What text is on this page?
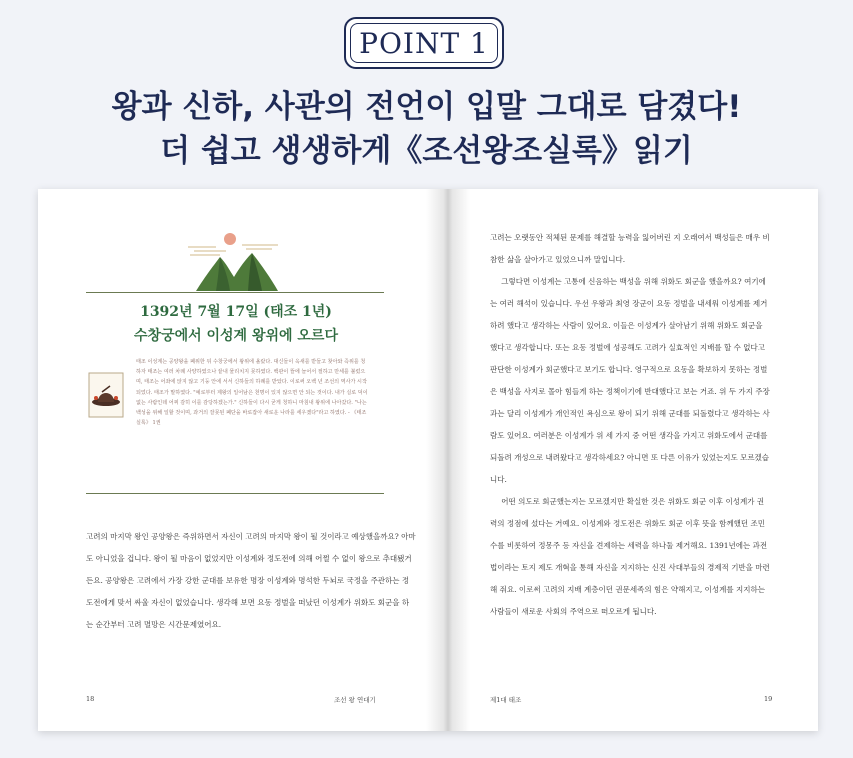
POINT 1
왕과 신하, 사관의 전언이 입말 그대로 담겼다!
더 쉽고 생생하게《조선왕조실록》읽기
1392년 7월 17일 (태조 1년)
수창궁에서 이성계 왕위에 오르다
태조 이성계는 공양왕을 폐위한 뒤 수창궁에서 왕위에 올랐다. 대신들이 옥새를 받들고 찾아와 즉위를 청하자 태조는 여러 차례 사양하였으나 끝내 물리치지 못하였다. 백관이 뜰에 늘어서 절하고 만세를 불렀으며, 태조는 어좌에 앉지 않고 기둥 안에 서서 신하들의 하례를 받았다. 이로써 오백 년 조선의 역사가 시작되었다. 태조가 말하였다. "예로부터 제왕의 일어남은 천명이 있지 않으면 안 되는 것이다. 내가 실로 덕이 없는 사람인데 어찌 감히 이를 감당하겠는가." 신하들이 다시 굳게 청하니 마침내 왕위에 나아갔다. "나는 백성을 위해 일할 것이며, 과거의 잘못된 폐단을 바로잡아 새로운 나라를 세우겠다"라고 하였다. - 《태조실록》 1권
고려의 마지막 왕인 공양왕은 즉위하면서 자신이 고려의 마지막 왕이 될 것이라고 예상했을까요? 아마도 아니었을 겁니다. 왕이 될 마음이 없었지만 이성계와 정도전에 의해 어쩔 수 없이 왕으로 추대됐거든요. 공양왕은 고려에서 가장 강한 군대를 보유한 명장 이성계와 명석한 두뇌로 국정을 주관하는 정도전에게 맞서 싸울 자신이 없었습니다. 생각해 보면 요동 정벌을 떠났던 이성계가 위화도 회군을 하는 순간부터 고려 멸망은 시간문제였어요.
18	조선 왕 연대기

고려는 오랫동안 적체된 문제를 해결할 능력을 잃어버린 지 오래여서 백성들은 매우 비참한 삶을 살아가고 있었으니까 말입니다.

그렇다면 이성계는 고통에 신음하는 백성을 위해 위화도 회군을 했을까요? 여기에는 여러 해석이 있습니다. 우선 우왕과 최영 장군이 요동 정벌을 내세워 이성계를 제거하려 했다고 생각하는 사람이 있어요. 이들은 이성계가 살아남기 위해 위화도 회군을 했다고 생각합니다. 또는 요동 정벌에 성공해도 고려가 실효적인 지배를 할 수 없다고 판단한 이성계가 회군했다고 보기도 합니다. 영구적으로 요동을 확보하지 못하는 정벌은 백성을 사지로 몰아 힘들게 하는 정책이기에 반대했다고 보는 거죠. 위 두 가지 주장과는 달리 이성계가 개인적인 욕심으로 왕이 되기 위해 군대를 되돌렸다고 생각하는 사람도 있어요. 여러분은 이성계가 위 세 가지 중 어떤 생각을 가지고 위화도에서 군대를 되돌려 개성으로 내려왔다고 생각하세요? 아니면 또 다른 이유가 있었는지도 모르겠습니다.

어떤 의도로 회군했는지는 모르겠지만 확실한 것은 위화도 회군 이후 이성계가 권력의 정점에 섰다는 거예요. 이성계와 정도전은 위화도 회군 이후 뜻을 함께했던 조민수를 비롯하여 정몽주 등 자신을 견제하는 세력을 하나둘 제거해요. 1391년에는 과전법이라는 토지 제도 개혁을 통해 자신을 지지하는 신진 사대부들의 경제적 기반을 마련해 줘요. 이로써 고려의 지배 계층이던 권문세족의 힘은 약해지고, 이성계를 지지하는 사람들이 새로운 사회의 주역으로 떠오르게 됩니다.

제1대 태조	19
